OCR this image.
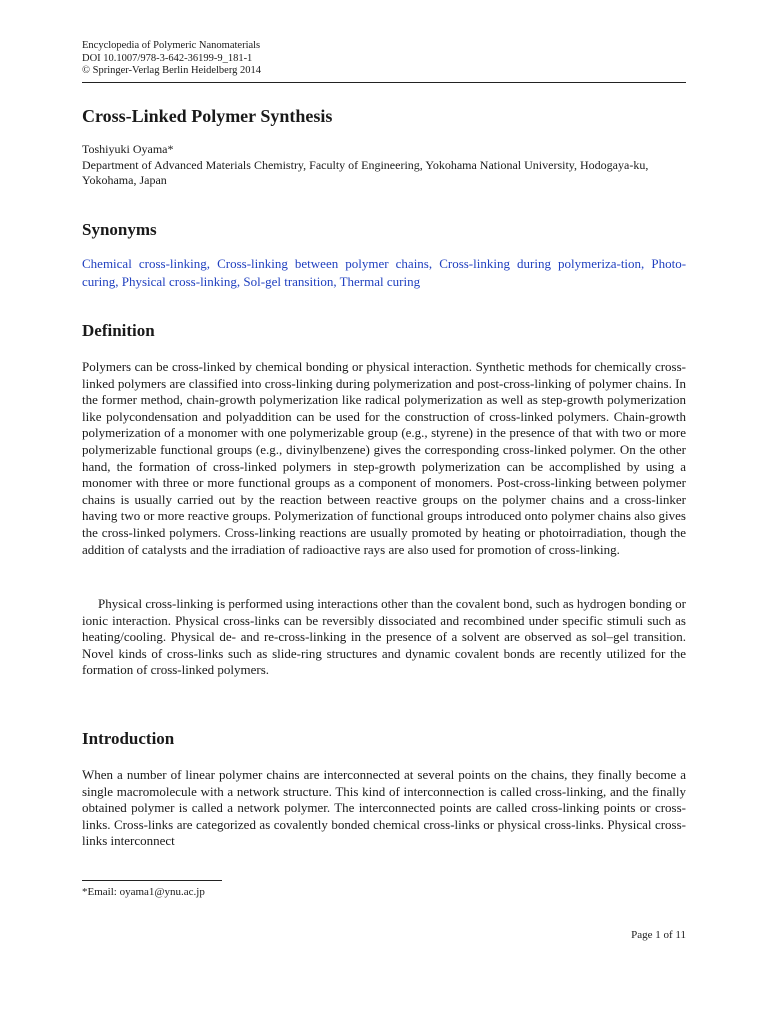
Encyclopedia of Polymeric Nanomaterials
DOI 10.1007/978-3-642-36199-9_181-1
© Springer-Verlag Berlin Heidelberg 2014
Cross-Linked Polymer Synthesis
Toshiyuki Oyama*
Department of Advanced Materials Chemistry, Faculty of Engineering, Yokohama National University, Hodogaya-ku, Yokohama, Japan
Synonyms
Chemical cross-linking, Cross-linking between polymer chains, Cross-linking during polymeriza-tion, Photo-curing, Physical cross-linking, Sol-gel transition, Thermal curing
Definition

Polymers can be cross-linked by chemical bonding or physical interaction. Synthetic methods for chemically cross-linked polymers are classified into cross-linking during polymerization and post-cross-linking of polymer chains. In the former method, chain-growth polymerization like radical polymerization as well as step-growth polymerization like polycondensation and polyaddition can be used for the construction of cross-linked polymers. Chain-growth polymerization of a monomer with one polymerizable group (e.g., styrene) in the presence of that with two or more polymerizable functional groups (e.g., divinylbenzene) gives the corresponding cross-linked polymer. On the other hand, the formation of cross-linked polymers in step-growth polymerization can be accomplished by using a monomer with three or more functional groups as a component of monomers. Post-cross-linking between polymer chains is usually carried out by the reaction between reactive groups on the polymer chains and a cross-linker having two or more reactive groups. Polymerization of functional groups introduced onto polymer chains also gives the cross-linked polymers. Cross-linking reactions are usually promoted by heating or photoirradiation, though the addition of catalysts and the irradiation of radioactive rays are also used for promotion of cross-linking.

Physical cross-linking is performed using interactions other than the covalent bond, such as hydrogen bonding or ionic interaction. Physical cross-links can be reversibly dissociated and recombined under specific stimuli such as heating/cooling. Physical de- and re-cross-linking in the presence of a solvent are observed as sol–gel transition. Novel kinds of cross-links such as slide-ring structures and dynamic covalent bonds are recently utilized for the formation of cross-linked polymers.

Introduction

When a number of linear polymer chains are interconnected at several points on the chains, they finally become a single macromolecule with a network structure. This kind of interconnection is called cross-linking, and the finally obtained polymer is called a network polymer. The interconnected points are called cross-linking points or cross-links. Cross-links are categorized as covalently bonded chemical cross-links or physical cross-links. Physical cross-links interconnect

*Email: oyama1@ynu.ac.jp
Page 1 of 11
